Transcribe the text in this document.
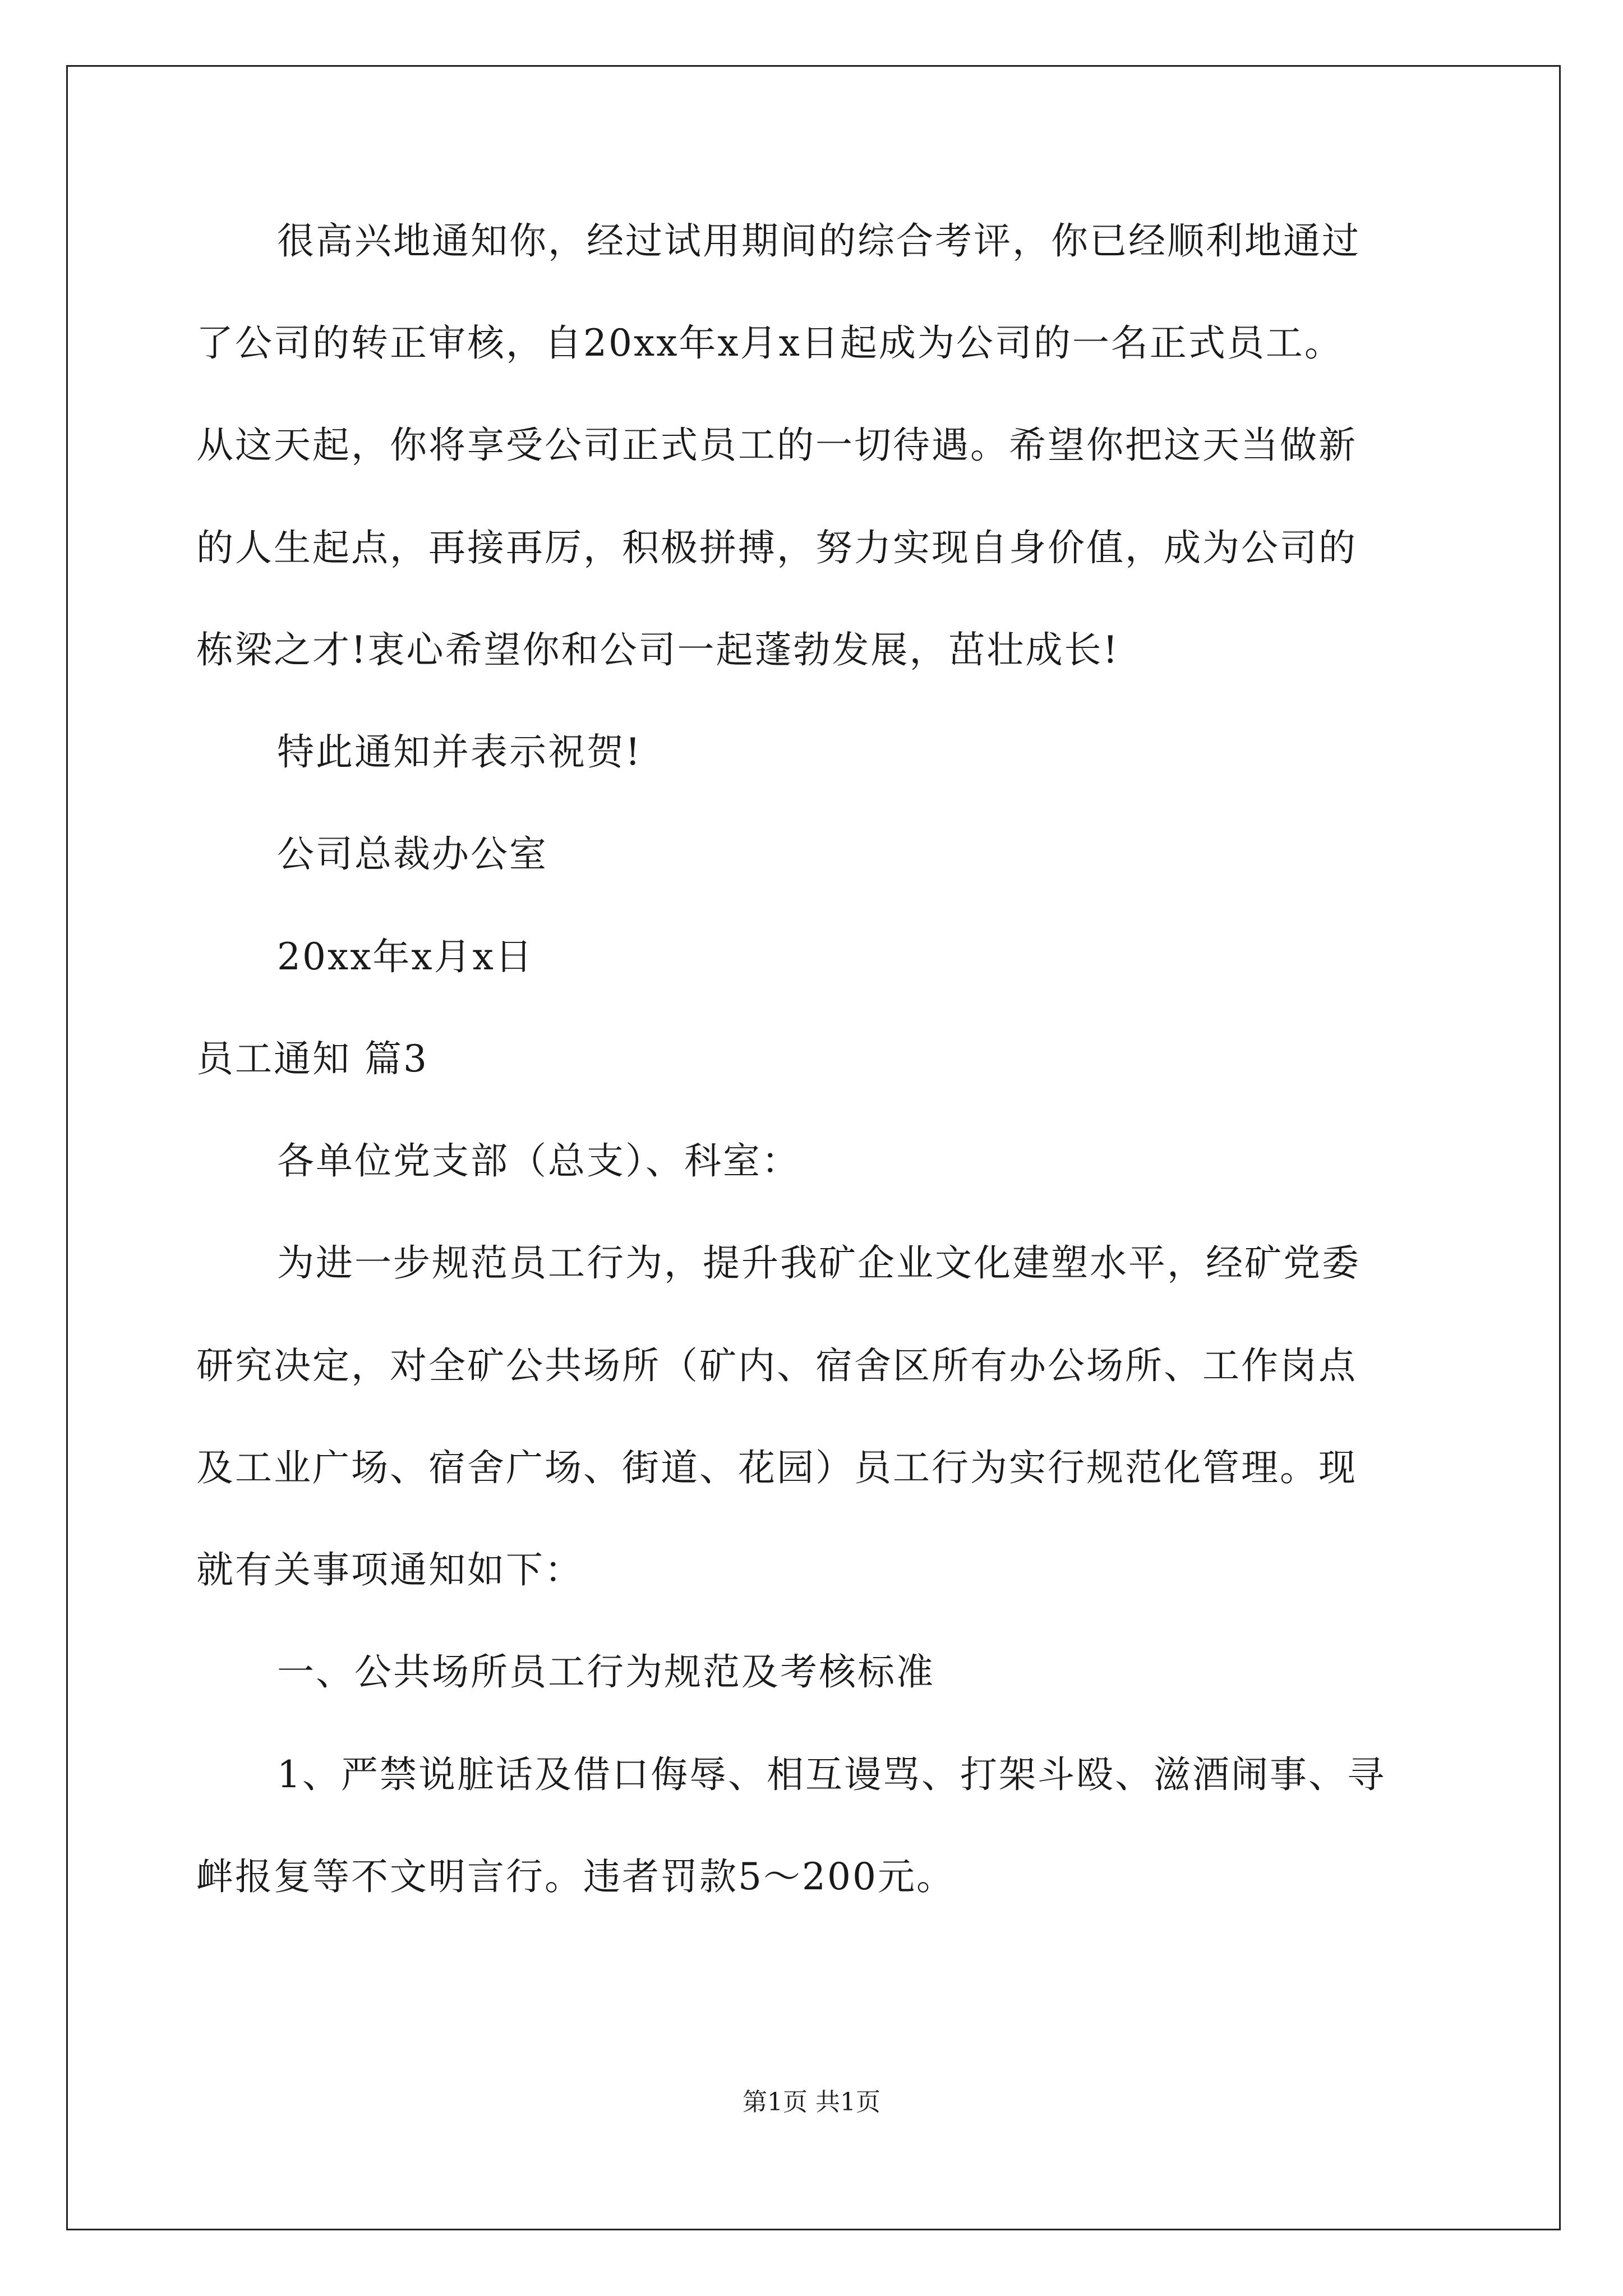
很高兴地通知你，经过试用期间的综合考评，你已经顺利地通过

了公司的转正审核，自20xx年x月x日起成为公司的一名正式员工。

从这天起，你将享受公司正式员工的一切待遇。希望你把这天当做新

的人生起点，再接再厉，积极拼搏，努力实现自身价值，成为公司的

栋梁之才!衷心希望你和公司一起蓬勃发展，茁壮成长!

特此通知并表示祝贺!

公司总裁办公室

20xx年x月x日

员工通知 篇3

各单位党支部（总支）、科室：

为进一步规范员工行为，提升我矿企业文化建塑水平，经矿党委

研究决定，对全矿公共场所（矿内、宿舍区所有办公场所、工作岗点

及工业广场、宿舍广场、街道、花园）员工行为实行规范化管理。现

就有关事项通知如下：

一、公共场所员工行为规范及考核标准

1、严禁说脏话及借口侮辱、相互谩骂、打架斗殴、滋酒闹事、寻

衅报复等不文明言行。违者罚款5～200元。

第1页 共1页
